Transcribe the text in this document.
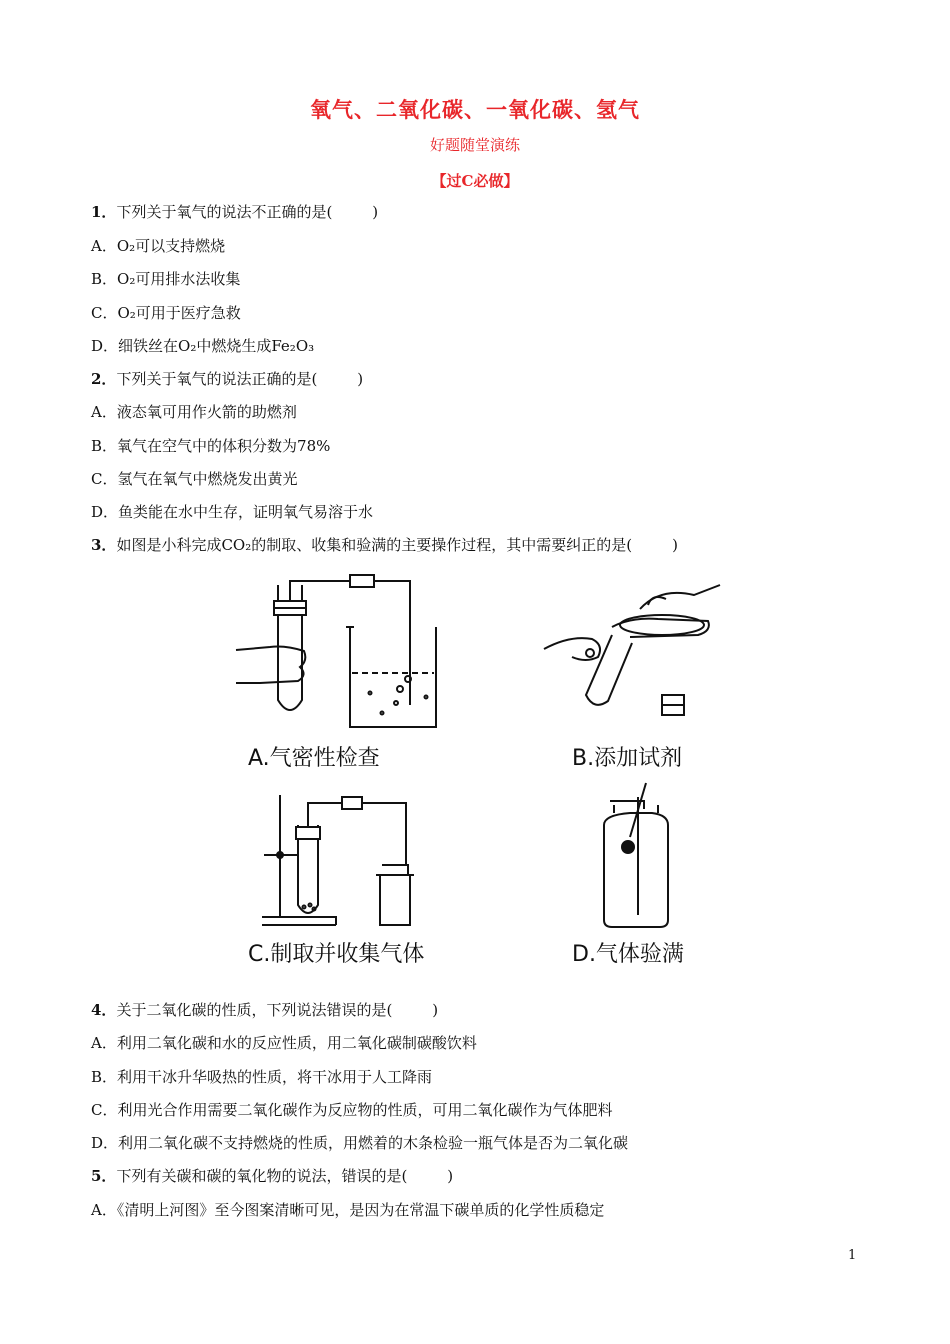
氧气、二氧化碳、一氧化碳、氢气
好题随堂演练
【过C必做】
1．下列关于氧气的说法不正确的是(	)
A．O₂可以支持燃烧
B．O₂可用排水法收集
C．O₂可用于医疗急救
D．细铁丝在O₂中燃烧生成Fe₂O₃
2．下列关于氧气的说法正确的是(	)
A．液态氧可用作火箭的助燃剂
B．氧气在空气中的体积分数为78%
C．氢气在氧气中燃烧发出黄光
D．鱼类能在水中生存，证明氧气易溶于水
3．如图是小科完成CO₂的制取、收集和验满的主要操作过程，其中需要纠正的是(	)
A.气密性检查	B.添加试剂
C.制取并收集气体	D.气体验满
4．关于二氧化碳的性质，下列说法错误的是(	)
A．利用二氧化碳和水的反应性质，用二氧化碳制碳酸饮料
B．利用干冰升华吸热的性质，将干冰用于人工降雨
C．利用光合作用需要二氧化碳作为反应物的性质，可用二氧化碳作为气体肥料
D．利用二氧化碳不支持燃烧的性质，用燃着的木条检验一瓶气体是否为二氧化碳
5．下列有关碳和碳的氧化物的说法，错误的是(	)
A．《清明上河图》至今图案清晰可见，是因为在常温下碳单质的化学性质稳定
1
